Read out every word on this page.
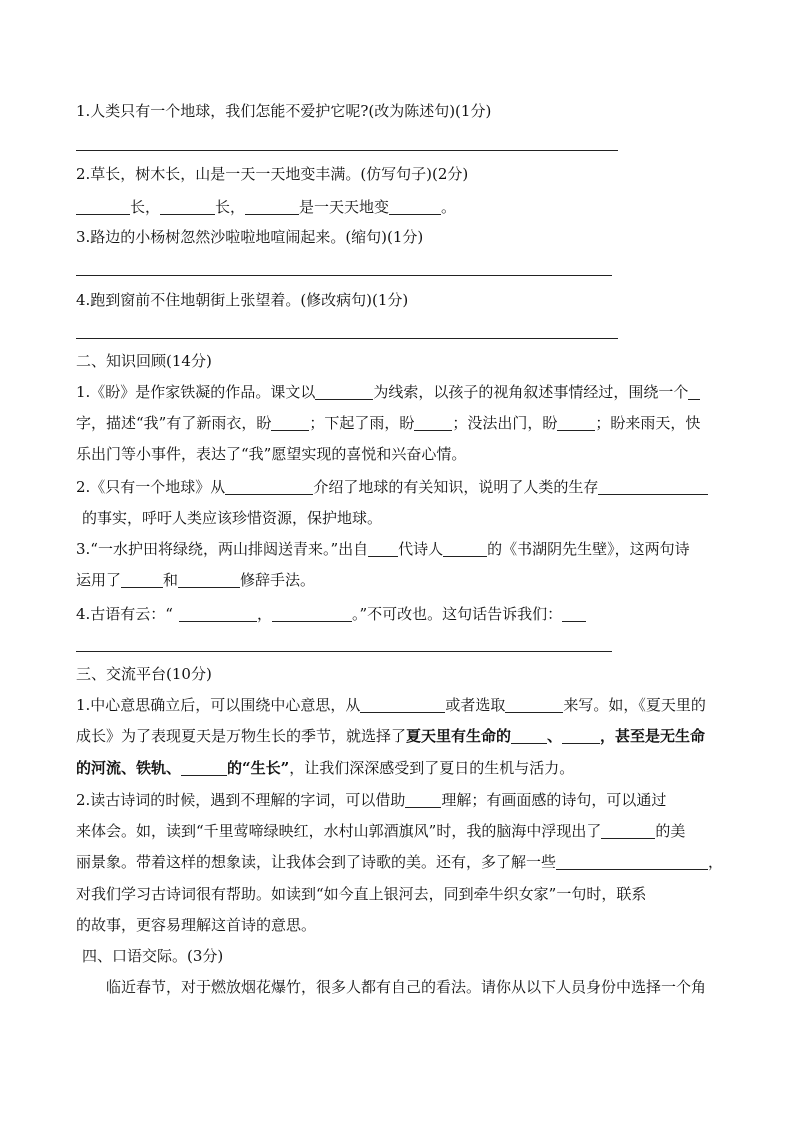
1.人类只有一个地球，我们怎能不爱护它呢?(改为陈述句)(1分)
2.草长，树木长，山是一天一天地变丰满。(仿写句子)(2分)
长，	长，	是一天天地变	。
3.路边的小杨树忽然沙啦啦地喧闹起来。(缩句)(1分)
4.跑到窗前不住地朝街上张望着。(修改病句)(1分)
二、知识回顾(14分)
1.《盼》是作家铁凝的作品。课文以	为线索，以孩子的视角叙述事情经过，围绕一个
字，描述“我”有了新雨衣，盼	；下起了雨，盼	；没法出门，盼	；盼来雨天，快
乐出门等小事件，表达了“我”愿望实现的喜悦和兴奋心情。
2.《只有一个地球》从	介绍了地球的有关知识，说明了人类的生存
的事实，呼吁人类应该珍惜资源，保护地球。
3.“一水护田将绿绕，两山排闼送青来。”出自 代诗人	的《书湖阴先生壁》，这两句诗
运用了	和	修辞手法。
4.古语有云：“	，	。”不可改也。这句话告诉我们：
三、交流平台(10分)
1.中心意思确立后，可以围绕中心意思，从	或者选取	来写。如，《夏天里的
成长》为了表现夏天是万物生长的季节，就选择了夏天里有生命的 、	，甚至是无生命
的河流、铁轨、	的“生长”，让我们深深感受到了夏日的生机与活力。
2.读古诗词的时候，遇到不理解的字词，可以借助 理解；有画面感的诗句，可以通过
来体会。如，读到“千里莺啼绿映红，水村山郭酒旗风”时，我的脑海中浮现出了	的美
丽景象。带着这样的想象读，让我体会到了诗歌的美。还有，多了解一些	，
对我们学习古诗词很有帮助。如读到“如今直上银河去，同到牵牛织女家”一句时，联系
的故事，更容易理解这首诗的意思。
四、口语交际。(3分)
临近春节，对于燃放烟花爆竹，很多人都有自己的看法。请你从以下人员身份中选择一个角
